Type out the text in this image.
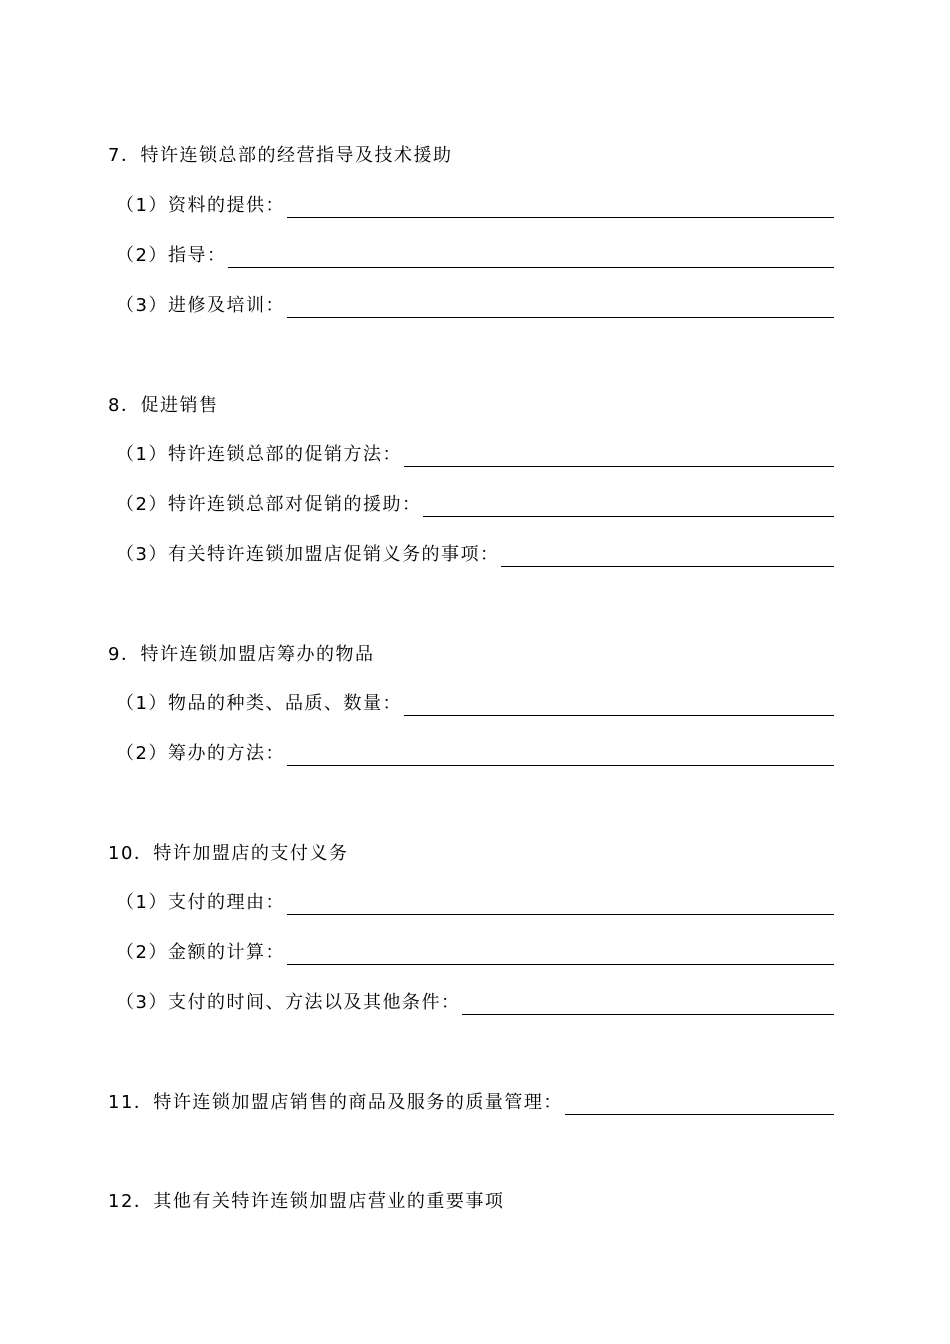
7．特许连锁总部的经营指导及技术援助
（1）资料的提供：
（2）指导：
（3）进修及培训：
8．促进销售
（1）特许连锁总部的促销方法：
（2）特许连锁总部对促销的援助：
（3）有关特许连锁加盟店促销义务的事项：
9．特许连锁加盟店筹办的物品
（1）物品的种类、品质、数量：
（2）筹办的方法：
10．特许加盟店的支付义务
（1）支付的理由：
（2）金额的计算：
（3）支付的时间、方法以及其他条件：
11．特许连锁加盟店销售的商品及服务的质量管理：
12．其他有关特许连锁加盟店营业的重要事项
